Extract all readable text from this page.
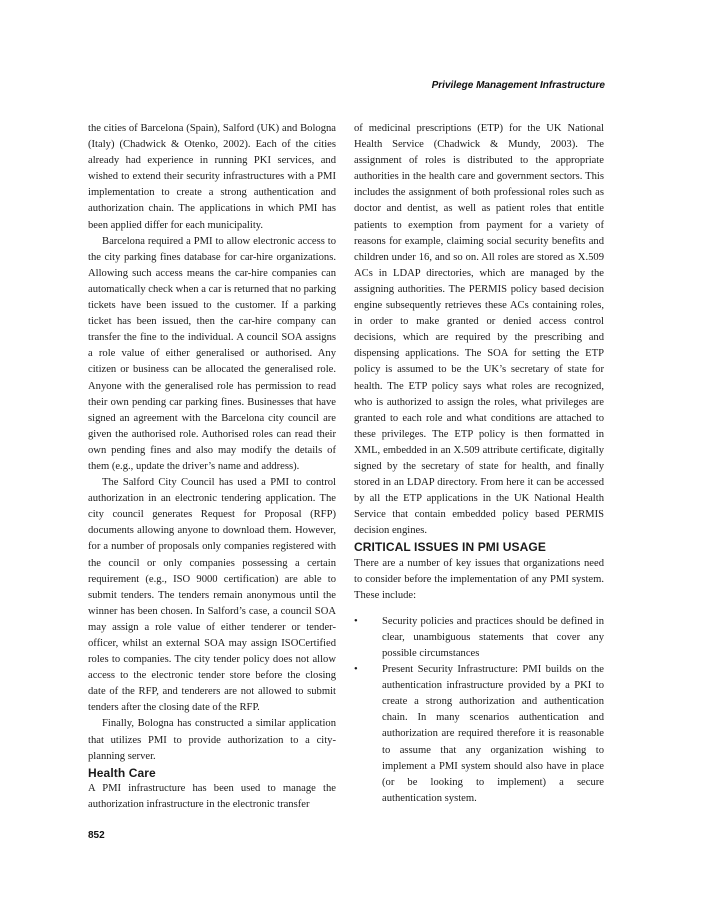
Privilege Management Infrastructure

the cities of Barcelona (Spain), Salford (UK) and Bologna (Italy) (Chadwick & Otenko, 2002). Each of the cities already had experience in running PKI services, and wished to extend their security infrastructures with a PMI implementation to create a strong authentication and authorization chain. The applications in which PMI has been applied differ for each municipality.

Barcelona required a PMI to allow electronic access to the city parking fines database for car-hire organizations. Allowing such access means the car-hire companies can automatically check when a car is returned that no parking tickets have been issued to the customer. If a parking ticket has been issued, then the car-hire company can transfer the fine to the individual. A council SOA assigns a role value of either generalised or authorised. Any citizen or business can be allocated the generalised role. Anyone with the generalised role has permission to read their own pending car parking fines. Businesses that have signed an agreement with the Barcelona city council are given the authorised role. Authorised roles can read their own pending fines and also may modify the details of them (e.g., update the driver’s name and address).

The Salford City Council has used a PMI to control authorization in an electronic tendering application. The city council generates Request for Proposal (RFP) documents allowing anyone to download them. However, for a number of proposals only companies registered with the council or only companies possessing a certain requirement (e.g., ISO 9000 certification) are able to submit tenders. The tenders remain anonymous until the winner has been chosen. In Salford’s case, a council SOA may assign a role value of either tenderer or tender-officer, whilst an external SOA may assign ISOCertified roles to companies. The city tender policy does not allow access to the electronic tender store before the closing date of the RFP, and tenderers are not allowed to submit tenders after the closing date of the RFP.

Finally, Bologna has constructed a similar application that utilizes PMI to provide authorization to a city-planning server.

Health Care

A PMI infrastructure has been used to manage the authorization infrastructure in the electronic transfer

of medicinal prescriptions (ETP) for the UK National Health Service (Chadwick & Mundy, 2003). The assignment of roles is distributed to the appropriate authorities in the health care and government sectors. This includes the assignment of both professional roles such as doctor and dentist, as well as patient roles that entitle patients to exemption from payment for a variety of reasons for example, claiming social security benefits and children under 16, and so on. All roles are stored as X.509 ACs in LDAP directories, which are managed by the assigning authorities. The PERMIS policy based decision engine subsequently retrieves these ACs containing roles, in order to make granted or denied access control decisions, which are required by the prescribing and dispensing applications. The SOA for setting the ETP policy is assumed to be the UK’s secretary of state for health. The ETP policy says what roles are recognized, who is authorized to assign the roles, what privileges are granted to each role and what conditions are attached to these privileges. The ETP policy is then formatted in XML, embedded in an X.509 attribute certificate, digitally signed by the secretary of state for health, and finally stored in an LDAP directory. From here it can be accessed by all the ETP applications in the UK National Health Service that contain embedded policy based PERMIS decision engines.

CRITICAL ISSUES IN PMI USAGE

There are a number of key issues that organizations need to consider before the implementation of any PMI system. These include:

• Security policies and practices should be defined in clear, unambiguous statements that cover any possible circumstances
• Present Security Infrastructure: PMI builds on the authentication infrastructure provided by a PKI to create a strong authorization and authentication chain. In many scenarios authentication and authorization are required therefore it is reasonable to assume that any organization wishing to implement a PMI system should also have in place (or be looking to implement) a secure authentication system.
852
